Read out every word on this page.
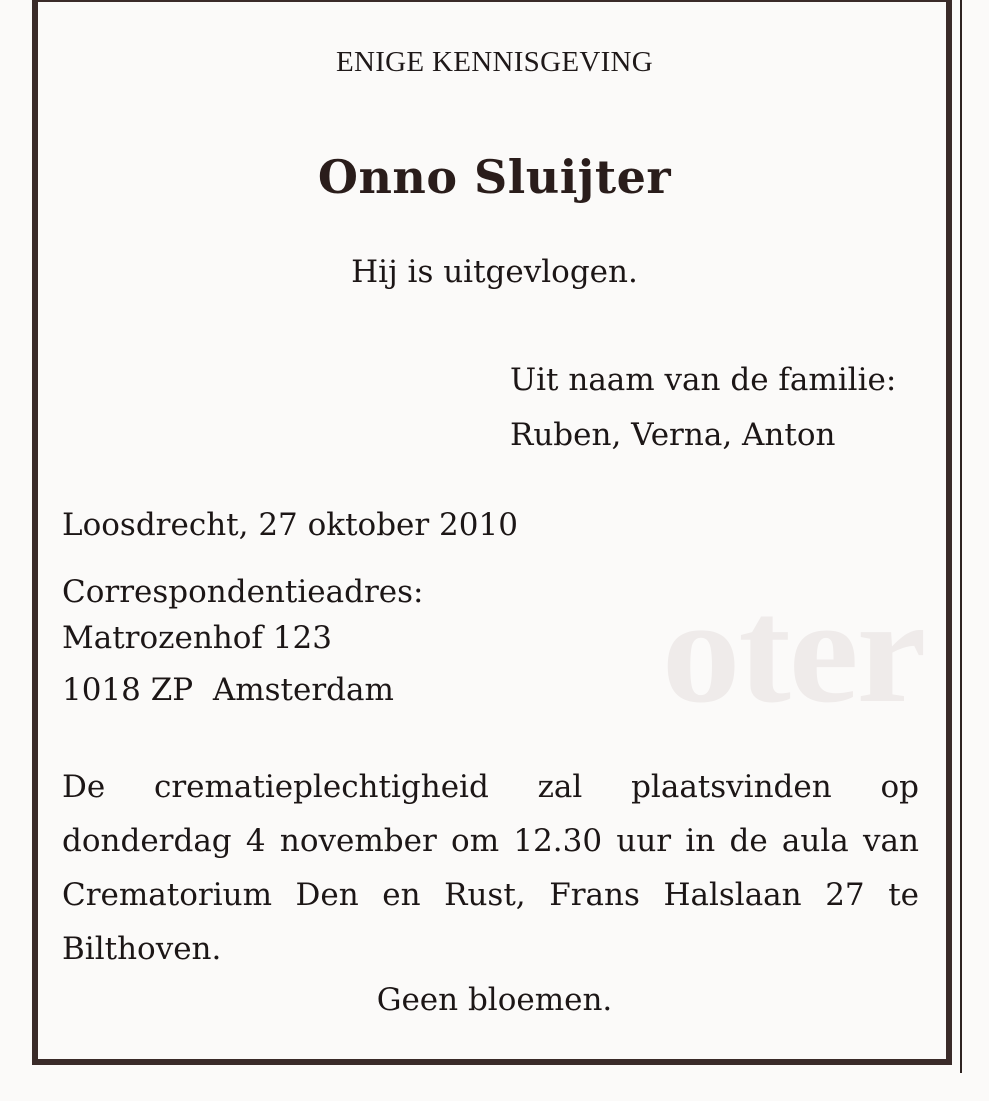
oter
ENIGE KENNISGEVING
Onno Sluijter
Hij is uitgevlogen.
Uit naam van de familie:
Ruben, Verna, Anton
Loosdrecht, 27 oktober 2010
Correspondentieadres:
Matrozenhof 123
1018 ZP  Amsterdam
De crematieplechtigheid zal plaatsvinden op donderdag 4 november om 12.30 uur in de aula van Crematorium Den en Rust, Frans Halslaan 27 te Bilthoven.
Geen bloemen.
